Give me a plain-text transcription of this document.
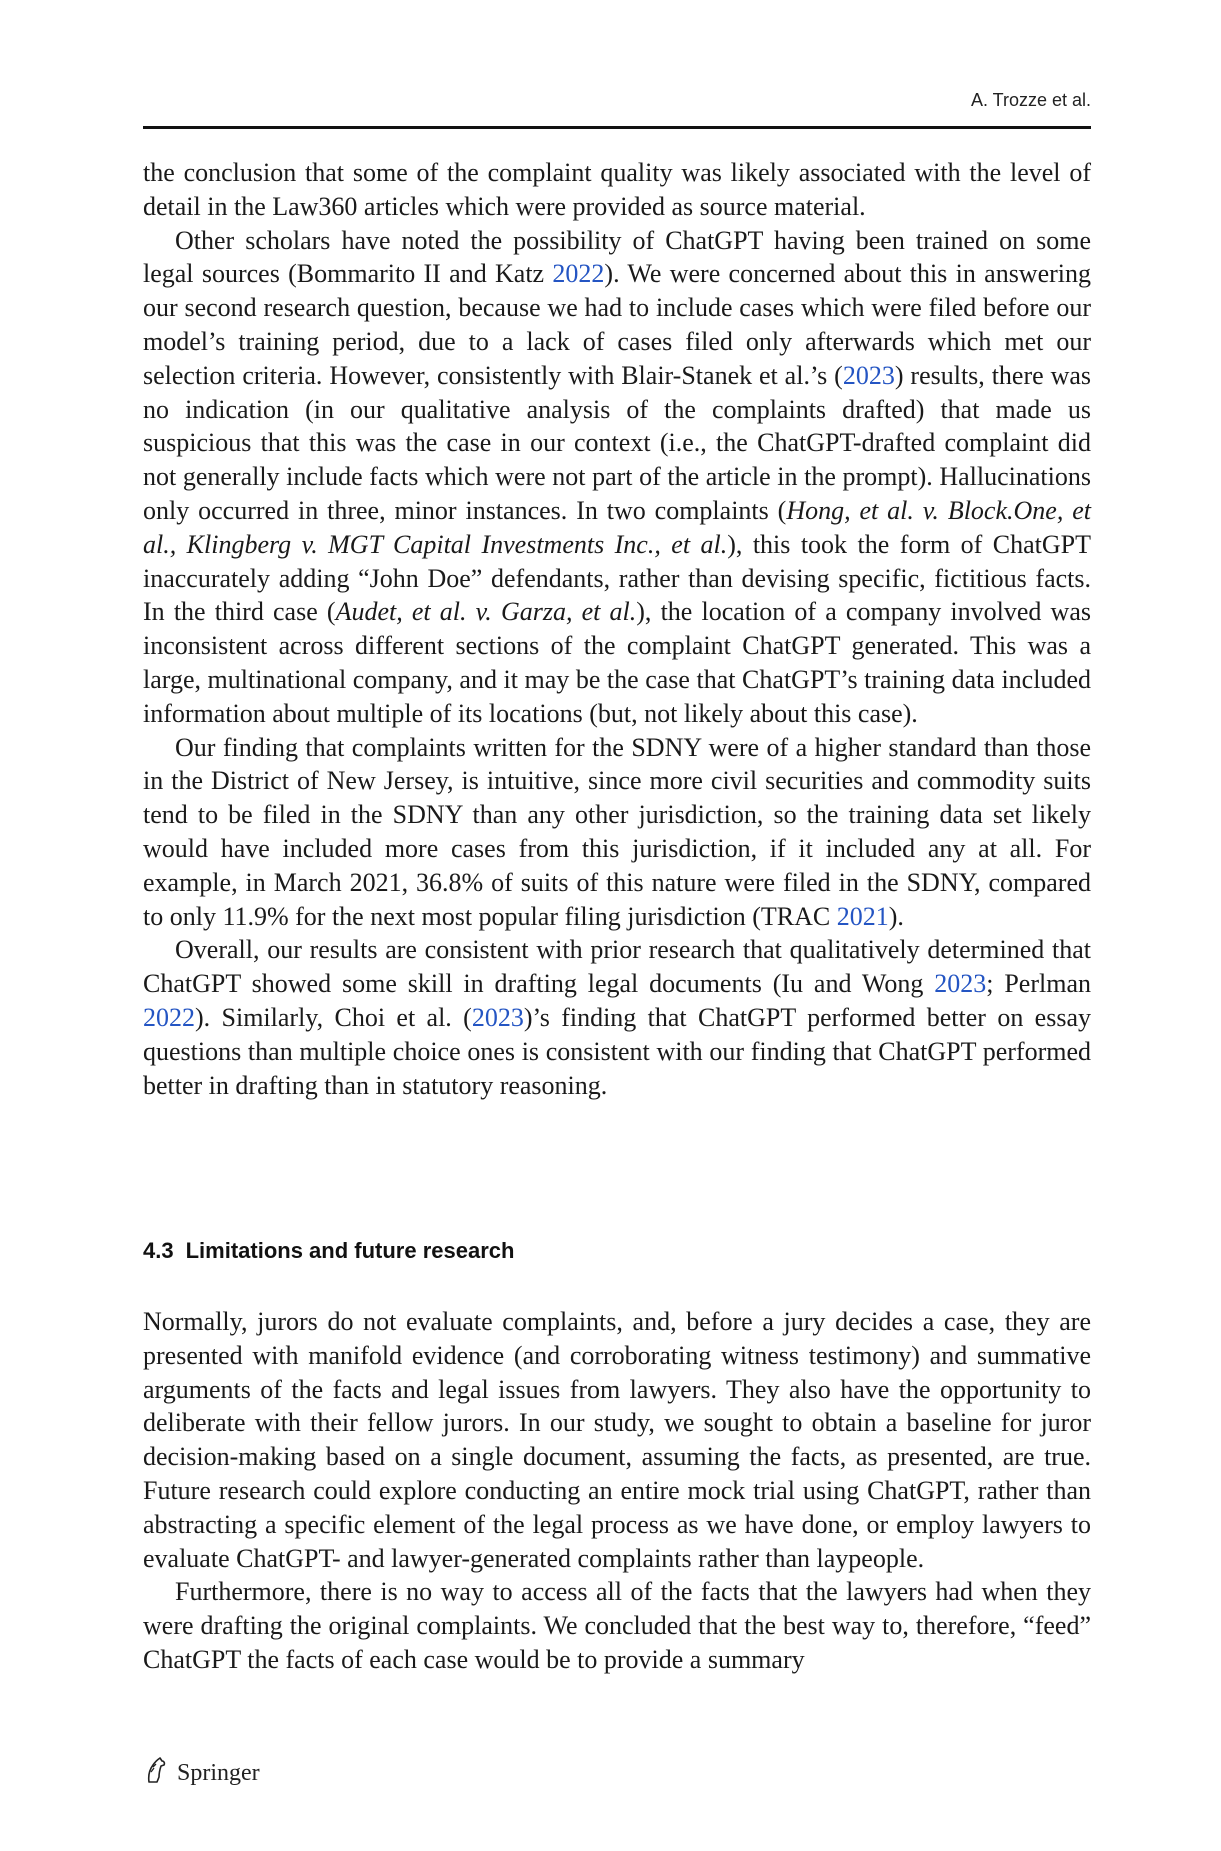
A. Trozze et al.

the conclusion that some of the complaint quality was likely associated with the level of detail in the Law360 articles which were provided as source material.

Other scholars have noted the possibility of ChatGPT having been trained on some legal sources (Bommarito II and Katz 2022). We were concerned about this in answering our second research question, because we had to include cases which were filed before our model’s training period, due to a lack of cases filed only afterwards which met our selection criteria. However, consistently with Blair-Stanek et al.’s (2023) results, there was no indication (in our qualitative analysis of the complaints drafted) that made us suspicious that this was the case in our context (i.e., the ChatGPT-drafted complaint did not generally include facts which were not part of the article in the prompt). Hallucinations only occurred in three, minor instances. In two complaints (Hong, et al. v. Block.One, et al., Klingberg v. MGT Capital Investments Inc., et al.), this took the form of ChatGPT inaccurately adding “John Doe” defendants, rather than devising specific, fictitious facts. In the third case (Audet, et al. v. Garza, et al.), the location of a company involved was inconsistent across different sections of the complaint ChatGPT generated. This was a large, multinational company, and it may be the case that ChatGPT’s training data included information about multiple of its locations (but, not likely about this case).

Our finding that complaints written for the SDNY were of a higher standard than those in the District of New Jersey, is intuitive, since more civil securities and commodity suits tend to be filed in the SDNY than any other jurisdiction, so the training data set likely would have included more cases from this jurisdiction, if it included any at all. For example, in March 2021, 36.8% of suits of this nature were filed in the SDNY, compared to only 11.9% for the next most popular filing jurisdiction (TRAC 2021).

Overall, our results are consistent with prior research that qualitatively determined that ChatGPT showed some skill in drafting legal documents (Iu and Wong 2023; Perlman 2022). Similarly, Choi et al. (2023)’s finding that ChatGPT performed better on essay questions than multiple choice ones is consistent with our finding that ChatGPT performed better in drafting than in statutory reasoning.

4.3 Limitations and future research

Normally, jurors do not evaluate complaints, and, before a jury decides a case, they are presented with manifold evidence (and corroborating witness testimony) and summative arguments of the facts and legal issues from lawyers. They also have the opportunity to deliberate with their fellow jurors. In our study, we sought to obtain a baseline for juror decision-making based on a single document, assuming the facts, as presented, are true. Future research could explore conducting an entire mock trial using ChatGPT, rather than abstracting a specific element of the legal process as we have done, or employ lawyers to evaluate ChatGPT- and lawyer-generated complaints rather than laypeople.

Furthermore, there is no way to access all of the facts that the lawyers had when they were drafting the original complaints. We concluded that the best way to, therefore, “feed” ChatGPT the facts of each case would be to provide a summary

Springer
